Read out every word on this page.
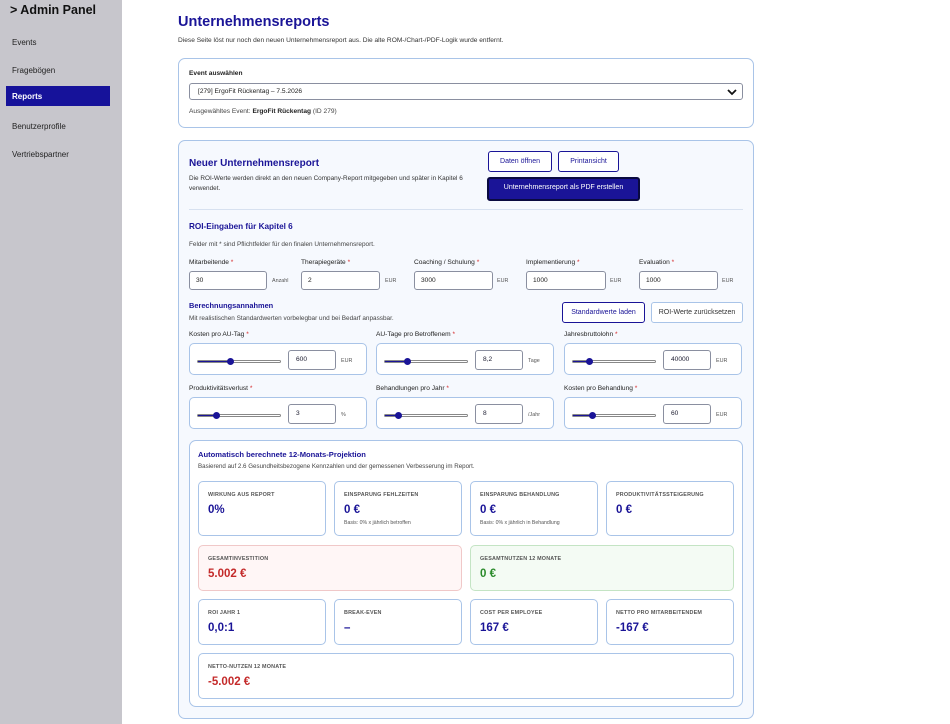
> Admin Panel
Events
Fragebögen
Reports
Benutzerprofile
Vertriebspartner
Unternehmensreports
Diese Seite löst nur noch den neuen Unternehmensreport aus. Die alte ROM-/Chart-/PDF-Logik wurde entfernt.
Event auswählen
[279] ErgoFit Rückentag – 7.5.2026
Ausgewähltes Event: ErgoFit Rückentag (ID 279)
Neuer Unternehmensreport
Die ROI-Werte werden direkt an den neuen Company-Report mitgegeben und später in Kapitel 6 verwendet.
Daten öffnen	Printansicht
Unternehmensreport als PDF erstellen
ROI-Eingaben für Kapitel 6
Felder mit * sind Pflichtfelder für den finalen Unternehmensreport.
Mitarbeitende *
30	Anzahl
Therapiegeräte *
2	EUR
Coaching / Schulung *
3000	EUR
Implementierung *
1000	EUR
Evaluation *
1000	EUR
Berechnungsannahmen
Mit realistischen Standardwerten vorbelegbar und bei Bedarf anpassbar.
Standardwerte laden	ROI-Werte zurücksetzen
Kosten pro AU-Tag *
600	EUR
AU-Tage pro Betroffenem *
8,2	Tage
Jahresbruttolohn *
40000	EUR
Produktivitätsverlust *
3	%
Behandlungen pro Jahr *
8	/Jahr
Kosten pro Behandlung *
60	EUR
Automatisch berechnete 12-Monats-Projektion
Basierend auf 2.6 Gesundheitsbezogene Kennzahlen und der gemessenen Verbesserung im Report.
WIRKUNG AUS REPORT
0%
EINSPARUNG FEHLZEITEN
0 €
Basis: 0% x jährlich betroffen
EINSPARUNG BEHANDLUNG
0 €
Basis: 0% x jährlich in Behandlung
PRODUKTIVITÄTSSTEIGERUNG
0 €
GESAMTINVESTITION
5.002 €
GESAMTNUTZEN 12 MONATE
0 €
ROI JAHR 1
0,0:1
BREAK-EVEN
–
COST PER EMPLOYEE
167 €
NETTO PRO MITARBEITENDEM
-167 €
NETTO-NUTZEN 12 MONATE
-5.002 €
